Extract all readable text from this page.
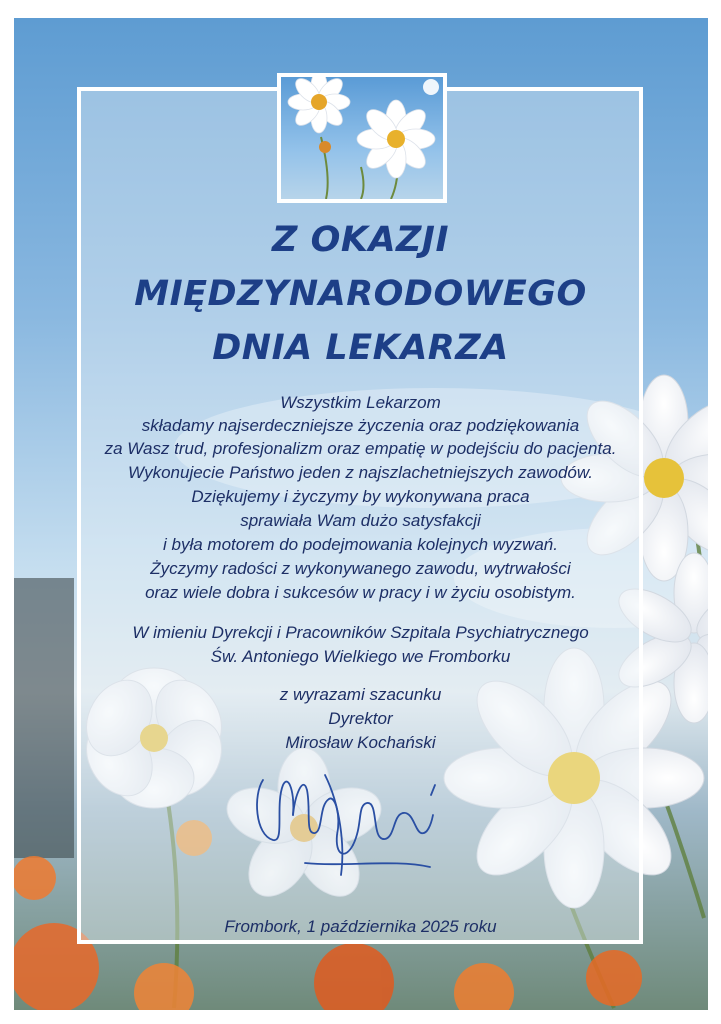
Z OKAZJI
MIĘDZYNARODOWEGO
DNIA LEKARZA
Wszystkim Lekarzom
składamy najserdeczniejsze życzenia oraz podziękowania
za Wasz trud, profesjonalizm oraz empatię w podejściu do pacjenta.
Wykonujecie Państwo jeden z najszlachetniejszych zawodów.
Dziękujemy i życzymy by wykonywana praca
sprawiała Wam dużo satysfakcji
i była motorem do podejmowania kolejnych wyzwań.
Życzymy radości z wykonywanego zawodu, wytrwałości
oraz wiele dobra i sukcesów w pracy i w życiu osobistym.
W imieniu Dyrekcji i Pracowników Szpitala Psychiatrycznego
Św. Antoniego Wielkiego we Fromborku
z wyrazami szacunku
Dyrektor
Mirosław Kochański
Frombork, 1 października 2025 roku
